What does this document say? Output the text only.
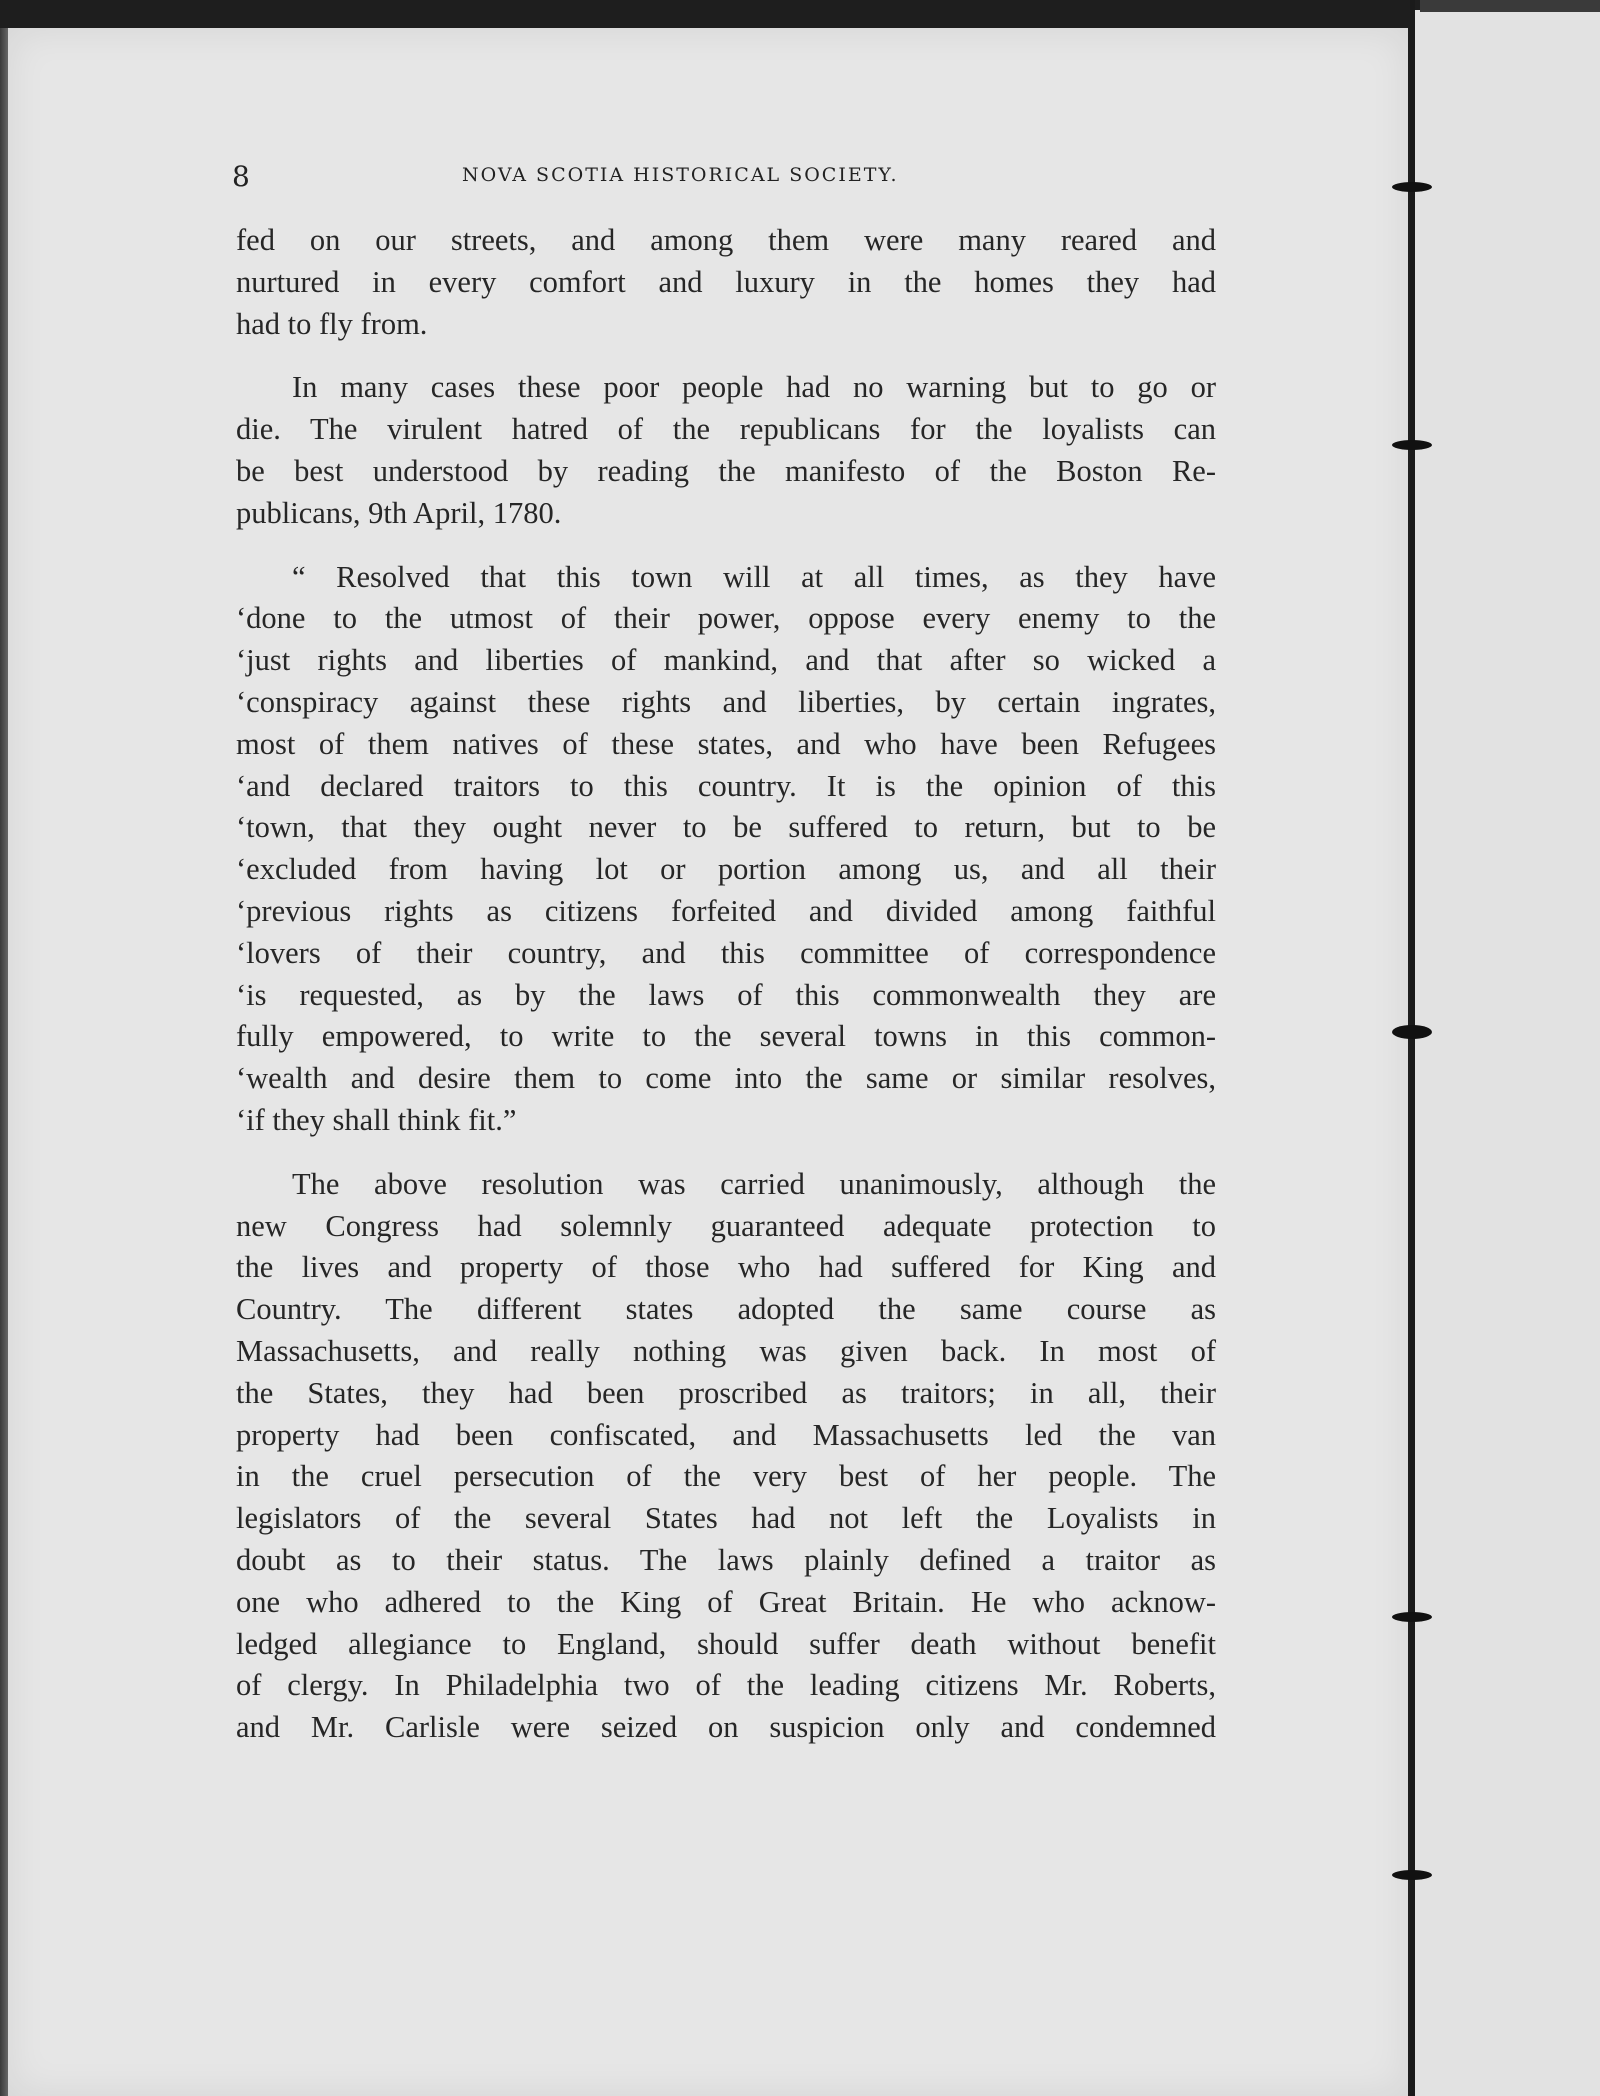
8	NOVA SCOTIA HISTORICAL SOCIETY.

fed on our streets, and among them were many reared and
nurtured in every comfort and luxury in the homes they had
had to fly from.

In many cases these poor people had no warning but to go or
die. The virulent hatred of the republicans for the loyalists can
be best understood by reading the manifesto of the Boston Re-
publicans, 9th April, 1780.

“ Resolved that this town will at all times, as they have
‘done to the utmost of their power, oppose every enemy to the
‘just rights and liberties of mankind, and that after so wicked a
‘conspiracy against these rights and liberties, by certain ingrates,
most of them natives of these states, and who have been Refugees
‘and declared traitors to this country. It is the opinion of this
‘town, that they ought never to be suffered to return, but to be
‘excluded from having lot or portion among us, and all their
‘previous rights as citizens forfeited and divided among faithful
‘lovers of their country, and this committee of correspondence
‘is requested, as by the laws of this commonwealth they are
fully empowered, to write to the several towns in this common-
‘wealth and desire them to come into the same or similar resolves,
‘if they shall think fit.”

The above resolution was carried unanimously, although the
new Congress had solemnly guaranteed adequate protection to
the lives and property of those who had suffered for King and
Country. The different states adopted the same course as
Massachusetts, and really nothing was given back. In most of
the States, they had been proscribed as traitors; in all, their
property had been confiscated, and Massachusetts led the van
in the cruel persecution of the very best of her people. The
legislators of the several States had not left the Loyalists in
doubt as to their status. The laws plainly defined a traitor as
one who adhered to the King of Great Britain. He who acknow-
ledged allegiance to England, should suffer death without benefit
of clergy. In Philadelphia two of the leading citizens Mr. Roberts,
and Mr. Carlisle were seized on suspicion only and condemned
